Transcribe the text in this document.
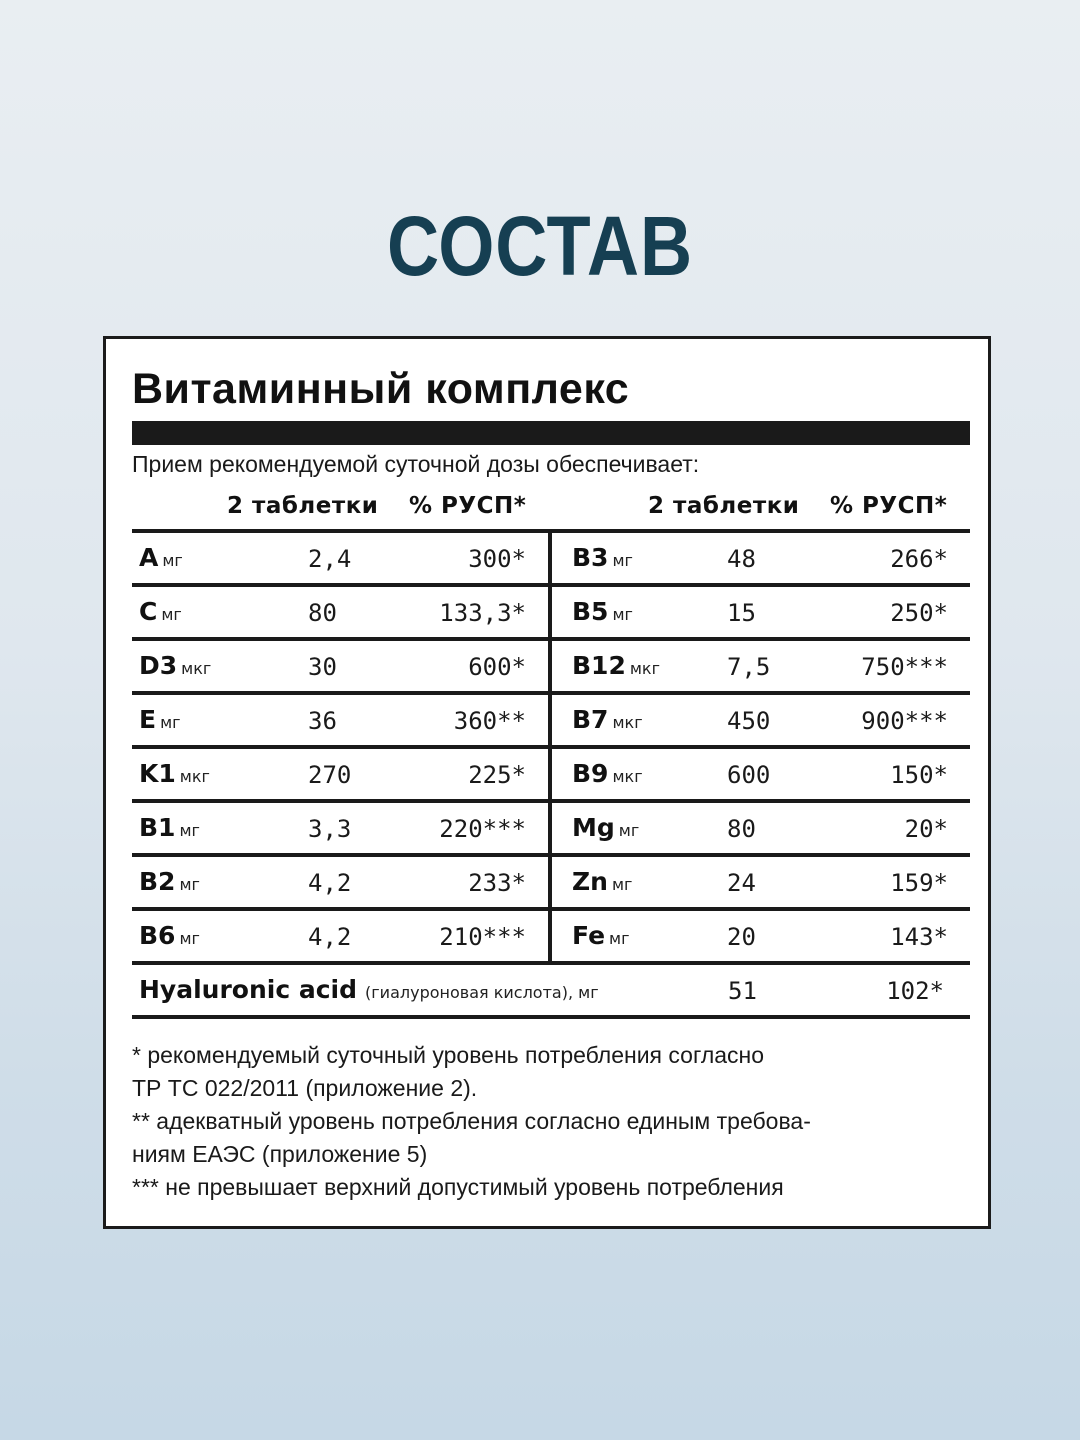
СОСТАВ
Витаминный комплекс
Прием рекомендуемой суточной дозы обеспечивает:
2 таблетки % РУСП*	2 таблетки % РУСП*
Aмг	2,4	300* B3 мг	48	266*
Cмг	80	133,3* B5 мг	15	250*
D3 мкг	30	600* B12 мкг	7,5	750***
Eмг	36	360** B7 мкг	450	900***
K1 мкг	270	225* B9 мкг	600	150*
B1 мг	3,3	220*** Mg мг	80	20*
B2 мг	4,2	233* Zn мг	24	159*
B6 мг	4,2	210*** Fe мг	20	143*
Hyaluronic acid (гиалуроновая кислота), мг	51	102*
* рекомендуемый суточный уровень потребления согласно
ТР ТС 022/2011 (приложение 2).
** адекватный уровень потребления согласно единым требова-
ниям ЕАЭС (приложение 5)
*** не превышает верхний допустимый уровень потребления
